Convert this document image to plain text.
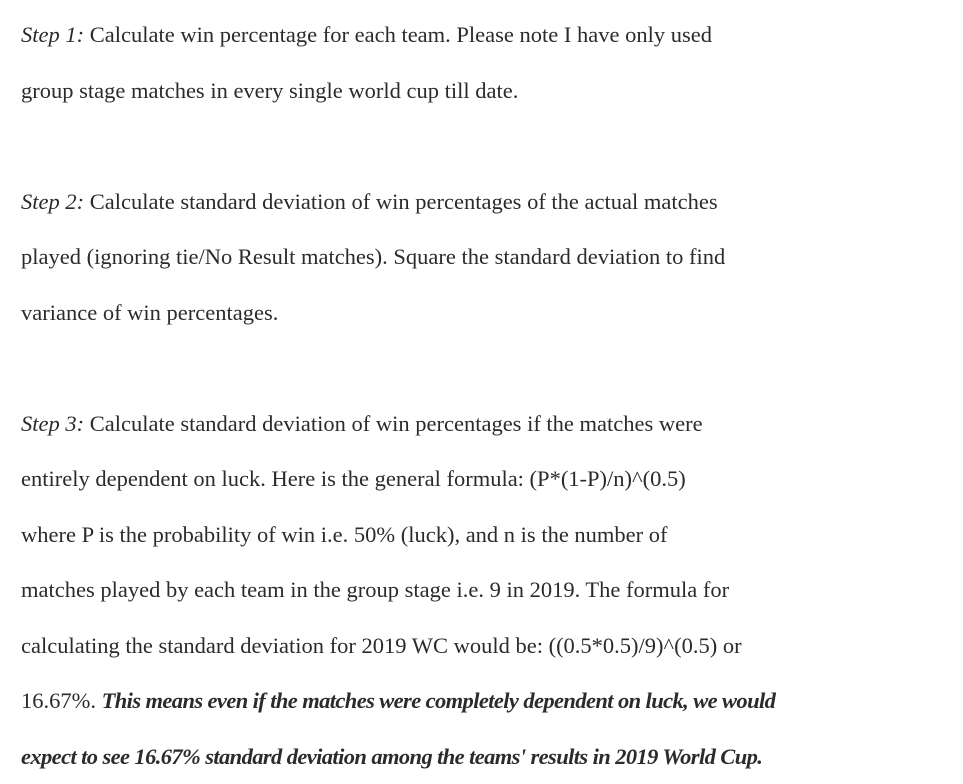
Step 1: Calculate win percentage for each team. Please note I have only used
group stage matches in every single world cup till date.

Step 2: Calculate standard deviation of win percentages of the actual matches
played (ignoring tie/No Result matches). Square the standard deviation to find
variance of win percentages.

Step 3: Calculate standard deviation of win percentages if the matches were
entirely dependent on luck. Here is the general formula: (P*(1-P)/n)^(0.5)
where P is the probability of win i.e. 50% (luck), and n is the number of
matches played by each team in the group stage i.e. 9 in 2019. The formula for
calculating the standard deviation for 2019 WC would be: ((0.5*0.5)/9)^(0.5) or
16.67%. This means even if the matches were completely dependent on luck, we would
expect to see 16.67% standard deviation among the teams' results in 2019 World Cup.
